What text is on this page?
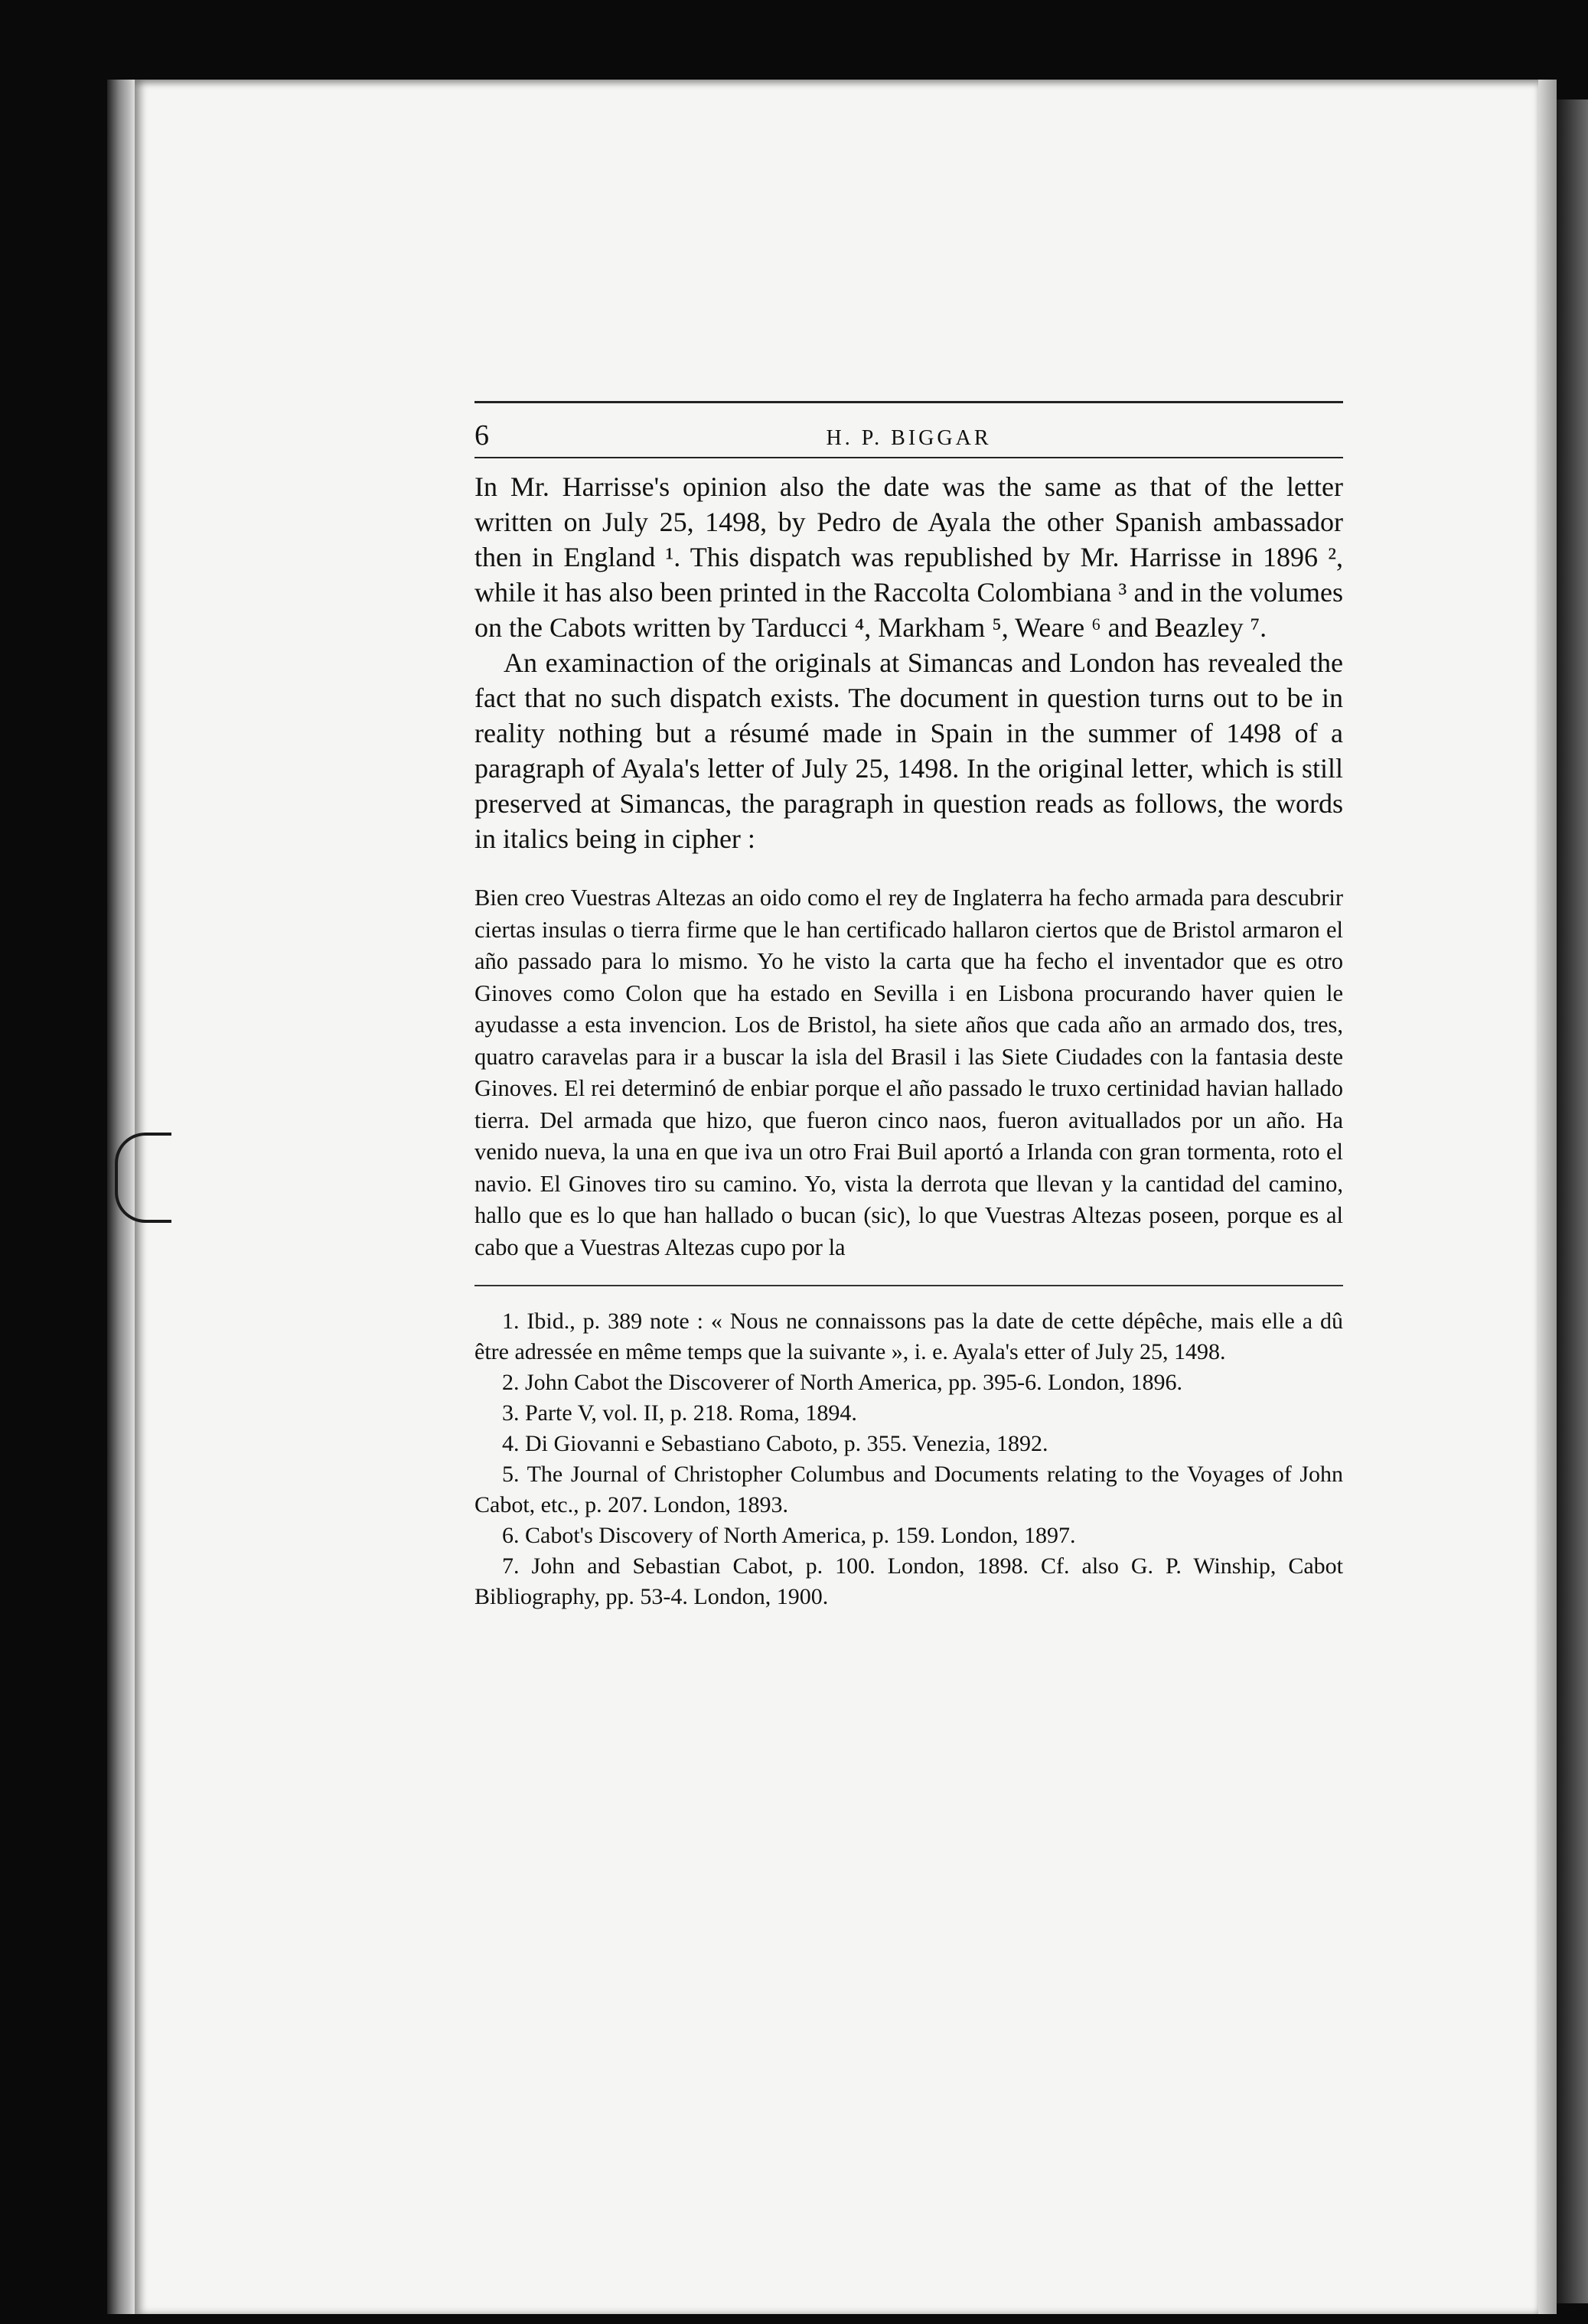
6	H. P. BIGGAR

In Mr. Harrisse's opinion also the date was the same as that of the letter written on July 25, 1498, by Pedro de Ayala the other Spanish ambassador then in England ¹. This dispatch was republished by Mr. Harrisse in 1896 ², while it has also been printed in the Raccolta Colombiana ³ and in the volumes on the Cabots written by Tarducci ⁴, Markham ⁵, Weare ⁶ and Beazley ⁷.

An examinaction of the originals at Simancas and London has revealed the fact that no such dispatch exists. The document in question turns out to be in reality nothing but a résumé made in Spain in the summer of 1498 of a paragraph of Ayala's letter of July 25, 1498. In the original letter, which is still preserved at Simancas, the paragraph in question reads as follows, the words in italics being in cipher :

Bien creo Vuestras Altezas an oido como el rey de Inglaterra ha fecho armada para descubrir ciertas insulas o tierra firme que le han certificado hallaron ciertos que de Bristol armaron el año passado para lo mismo. Yo he visto la carta que ha fecho el inventador que es otro Ginoves como Colon que ha estado en Sevilla i en Lisbona procurando haver quien le ayudasse a esta invencion. Los de Bristol, ha siete años que cada año an armado dos, tres, quatro caravelas para ir a buscar la isla del Brasil i las Siete Ciudades con la fantasia deste Ginoves. El rei determinó de enbiar porque el año passado le truxo certinidad havian hallado tierra. Del armada que hizo, que fueron cinco naos, fueron avituallados por un año. Ha venido nueva, la una en que iva un otro Frai Buil aportó a Irlanda con gran tormenta, roto el navio. El Ginoves tiro su camino. Yo, vista la derrota que llevan y la cantidad del camino, hallo que es lo que han hallado o bucan (sic), lo que Vuestras Altezas poseen, porque es al cabo que a Vuestras Altezas cupo por la

1. Ibid., p. 389 note : « Nous ne connaissons pas la date de cette dépêche, mais elle a dû être adressée en même temps que la suivante », i. e. Ayala's etter of July 25, 1498.

2. John Cabot the Discoverer of North America, pp. 395-6. London, 1896.

3. Parte V, vol. II, p. 218. Roma, 1894.

4. Di Giovanni e Sebastiano Caboto, p. 355. Venezia, 1892.

5. The Journal of Christopher Columbus and Documents relating to the Voyages of John Cabot, etc., p. 207. London, 1893.

6. Cabot's Discovery of North America, p. 159. London, 1897.

7. John and Sebastian Cabot, p. 100. London, 1898. Cf. also G. P. Winship, Cabot Bibliography, pp. 53-4. London, 1900.
